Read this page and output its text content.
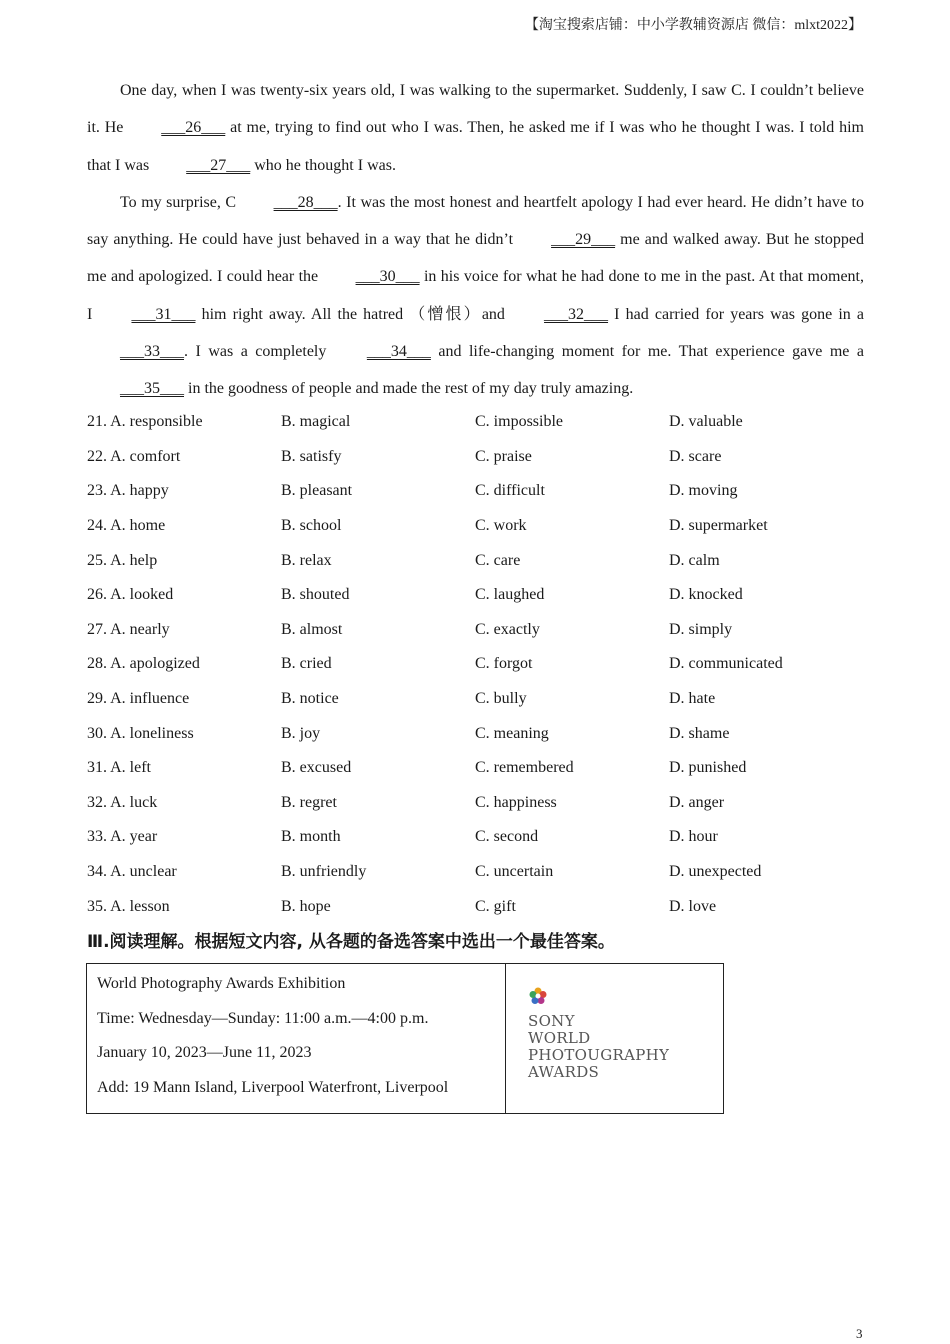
【淘宝搜索店铺：中小学教辅资源店 微信：mlxt2022】

One day, when I was twenty-six years old, I was walking to the supermarket. Suddenly, I saw C. I couldn’t believe it. He ___26___ at me, trying to find out who I was. Then, he asked me if I was who he thought I was. I told him that I was ___27___ who he thought I was.

To my surprise, C ___28___. It was the most honest and heartfelt apology I had ever heard. He didn’t have to say anything. He could have just behaved in a way that he didn’t ___29___ me and walked away. But he stopped me and apologized. I could hear the ___30___ in his voice for what he had done to me in the past. At that moment, I ___31___ him right away. All the hatred （憎恨）and ___32___ I had carried for years was gone in a ___33___. I was a completely ___34___ and life-changing moment for me. That experience gave me a ___35___ in the goodness of people and made the rest of my day truly amazing.

21. A. responsible	B. magical	C. impossible	D. valuable
22. A. comfort	B. satisfy	C. praise	D. scare
23. A. happy	B. pleasant	C. difficult	D. moving
24. A. home	B. school	C. work	D. supermarket
25. A. help	B. relax	C. care	D. calm
26. A. looked	B. shouted	C. laughed	D. knocked
27. A. nearly	B. almost	C. exactly	D. simply
28. A. apologized	B. cried	C. forgot	D. communicated
29. A. influence	B. notice	C. bully	D. hate
30. A. loneliness	B. joy	C. meaning	D. shame
31. A. left	B. excused	C. remembered	D. punished
32. A. luck	B. regret	C. happiness	D. anger
33. A. year	B. month	C. second	D. hour
34. A. unclear	B. unfriendly	C. uncertain	D. unexpected
35. A. lesson	B. hope	C. gift	D. love
Ⅲ.阅读理解。根据短文内容, 从各题的备选答案中选出一个最佳答案。
World Photography Awards Exhibition
Time: Wednesday—Sunday: 11:00 a.m.—4:00 p.m.
January 10, 2023—June 11, 2023
Add: 19 Mann Island, Liverpool Waterfront, Liverpool
SONY
WORLD
PHOTOUGRAPHY
AWARDS
3
